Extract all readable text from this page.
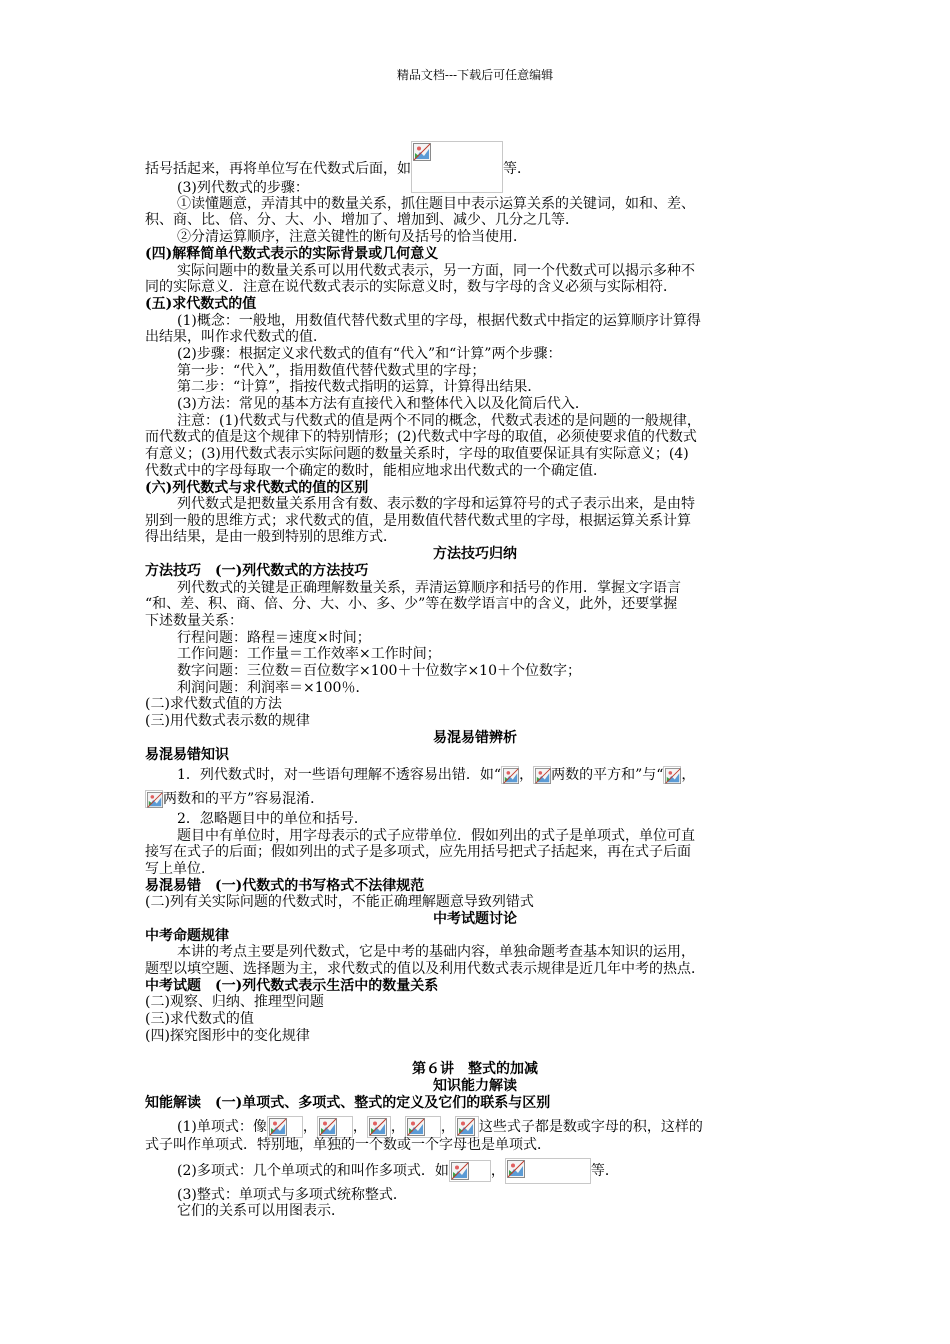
精品文档---下载后可任意编辑
括号括起来，再将单位写在代数式后面，如	等．
(3)列代数式的步骤：
①读懂题意，弄清其中的数量关系，抓住题目中表示运算关系的关键词，如和、差、
积、商、比、倍、分、大、小、增加了、增加到、减少、几分之几等．
②分清运算顺序，注意关键性的断句及括号的恰当使用．
(四)解释简单代数式表示的实际背景或几何意义
实际问题中的数量关系可以用代数式表示，另一方面，同一个代数式可以揭示多种不
同的实际意义．注意在说代数式表示的实际意义时，数与字母的含义必须与实际相符．
(五)求代数式的值
(1)概念：一般地，用数值代替代数式里的字母，根据代数式中指定的运算顺序计算得
出结果，叫作求代数式的值．
(2)步骤：根据定义求代数式的值有“代入”和“计算”两个步骤：
第一步：“代入”，指用数值代替代数式里的字母；
第二步：“计算”，指按代数式指明的运算，计算得出结果．
(3)方法：常见的基本方法有直接代入和整体代入以及化简后代入．
注意：(1)代数式与代数式的值是两个不同的概念，代数式表述的是问题的一般规律，
而代数式的值是这个规律下的特别情形；(2)代数式中字母的取值，必须使要求值的代数式
有意义；(3)用代数式表示实际问题的数量关系时，字母的取值要保证具有实际意义；(4)
代数式中的字母每取一个确定的数时，能相应地求出代数式的一个确定值．
(六)列代数式与求代数式的值的区别
列代数式是把数量关系用含有数、表示数的字母和运算符号的式子表示出来，是由特
别到一般的思维方式；求代数式的值，是用数值代替代数式里的字母，根据运算关系计算
得出结果，是由一般到特别的思维方式．
方法技巧归纳
方法技巧　(一)列代数式的方法技巧
列代数式的关键是正确理解数量关系，弄清运算顺序和括号的作用．掌握文字语言
“和、差、积、商、倍、分、大、小、多、少”等在数学语言中的含义，此外，还要掌握
下述数量关系：
行程问题：路程＝速度×时间；
工作问题：工作量＝工作效率×工作时间；
数字问题：三位数＝百位数字×100＋十位数字×10＋个位数字；
利润问题：利润率＝×100％．
(二)求代数式值的方法
(三)用代数式表示数的规律
易混易错辨析
易混易错知识
1．列代数式时，对一些语句理解不透容易出错．如“ ， 两数的平方和”与“ ，
两数和的平方”容易混淆．
2．忽略题目中的单位和括号．
题目中有单位时，用字母表示的式子应带单位．假如列出的式子是单项式，单位可直
接写在式子的后面；假如列出的式子是多项式，应先用括号把式子括起来，再在式子后面
写上单位．
易混易错　(一)代数式的书写格式不法律规范
(二)列有关实际问题的代数式时，不能正确理解题意导致列错式
中考试题讨论
中考命题规律
本讲的考点主要是列代数式，它是中考的基础内容，单独命题考查基本知识的运用，
题型以填空题、选择题为主，求代数式的值以及利用代数式表示规律是近几年中考的热点．
中考试题　(一)列代数式表示生活中的数量关系
(二)观察、归纳、推理型问题
(三)求代数式的值
(四)探究图形中的变化规律
第６讲　整式的加减
知识能力解读
知能解读　(一)单项式、多项式、整式的定义及它们的联系与区别
(1)单项式：像	，	， ，	， 这些式子都是数或字母的积，这样的
式子叫作单项式．特别地，单独的一个数或一个字母也是单项式．
(2)多项式：几个单项式的和叫作多项式．如	，	等．
(3)整式：单项式与多项式统称整式．
它们的关系可以用图表示．
